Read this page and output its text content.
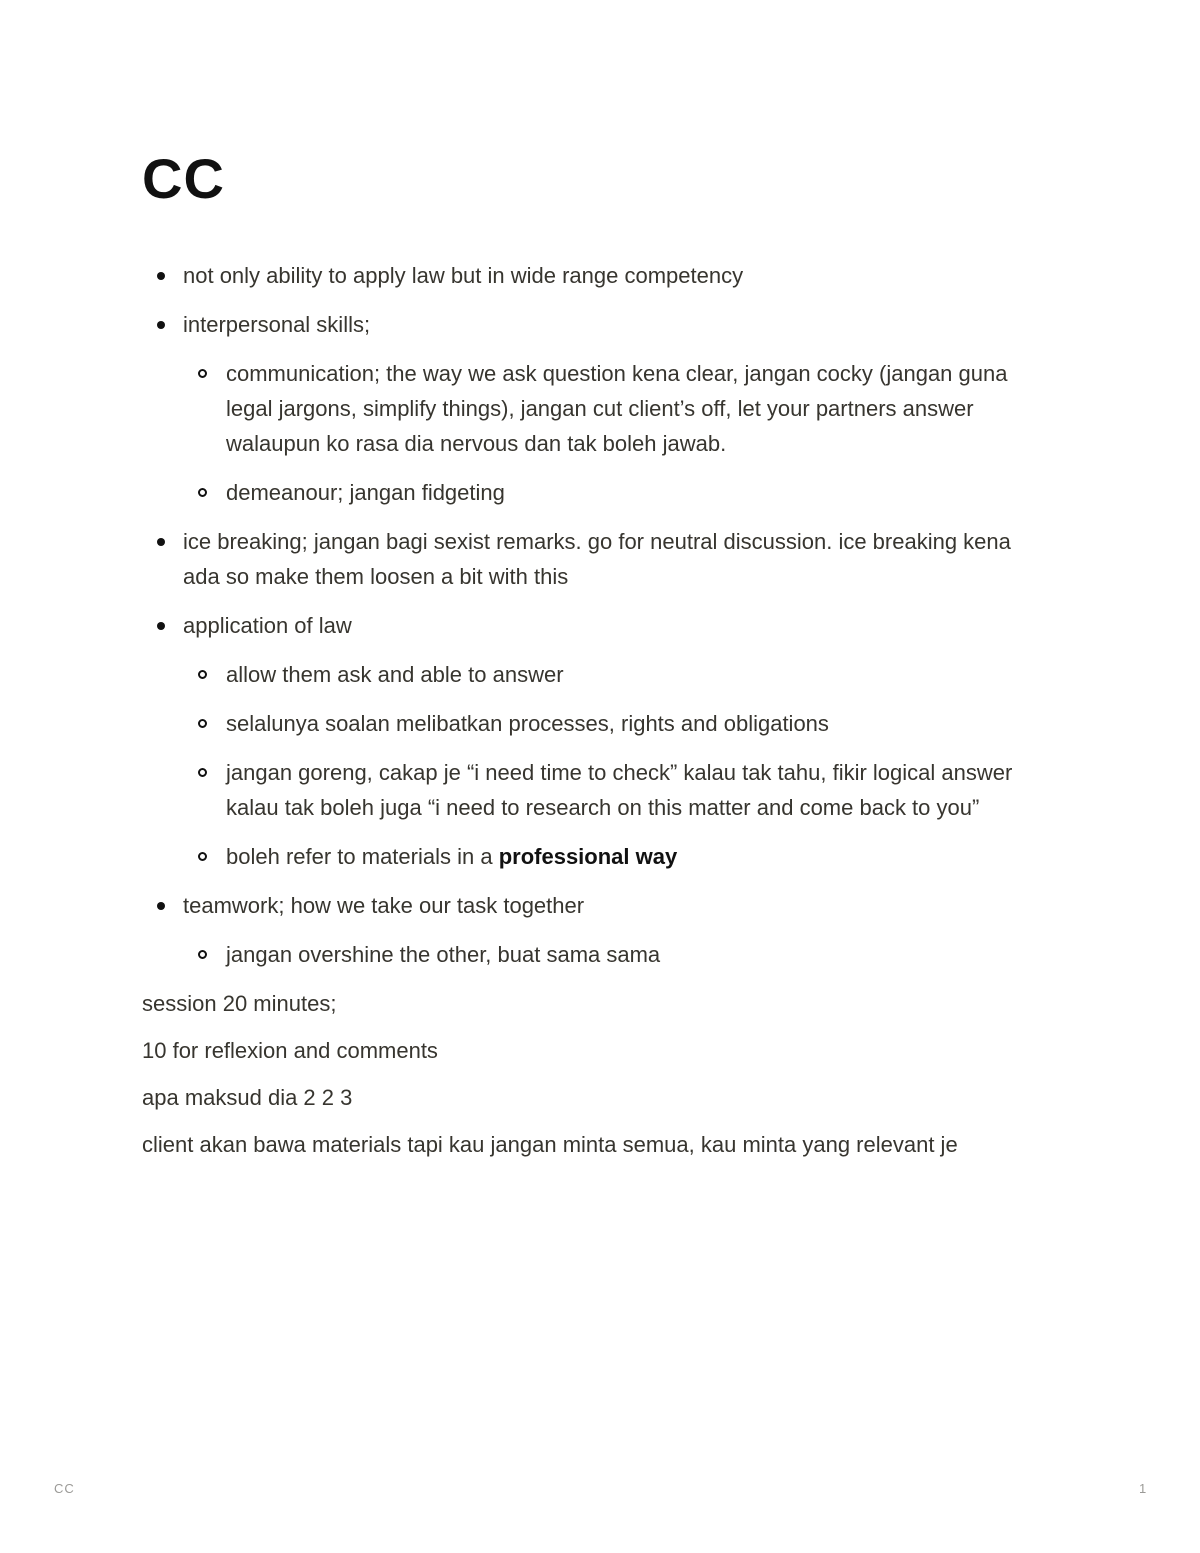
CC
not only ability to apply law but in wide range competency
interpersonal skills;
communication; the way we ask question kena clear, jangan cocky (jangan guna legal jargons, simplify things), jangan cut client’s off, let your partners answer walaupun ko rasa dia nervous dan tak boleh jawab.
demeanour; jangan fidgeting
ice breaking; jangan bagi sexist remarks. go for neutral discussion. ice breaking kena ada so make them loosen a bit with this
application of law
allow them ask and able to answer
selalunya soalan melibatkan processes, rights and obligations
jangan goreng, cakap je “i need time to check” kalau tak tahu, fikir logical answer kalau tak boleh juga “i need to research on this matter and come back to you”
boleh refer to materials in a professional way
teamwork; how we take our task together
jangan overshine the other, buat sama sama

session 20 minutes;

10 for reflexion and comments

apa maksud dia 2 2 3

client akan bawa materials tapi kau jangan minta semua, kau minta yang relevant je

CC	1
